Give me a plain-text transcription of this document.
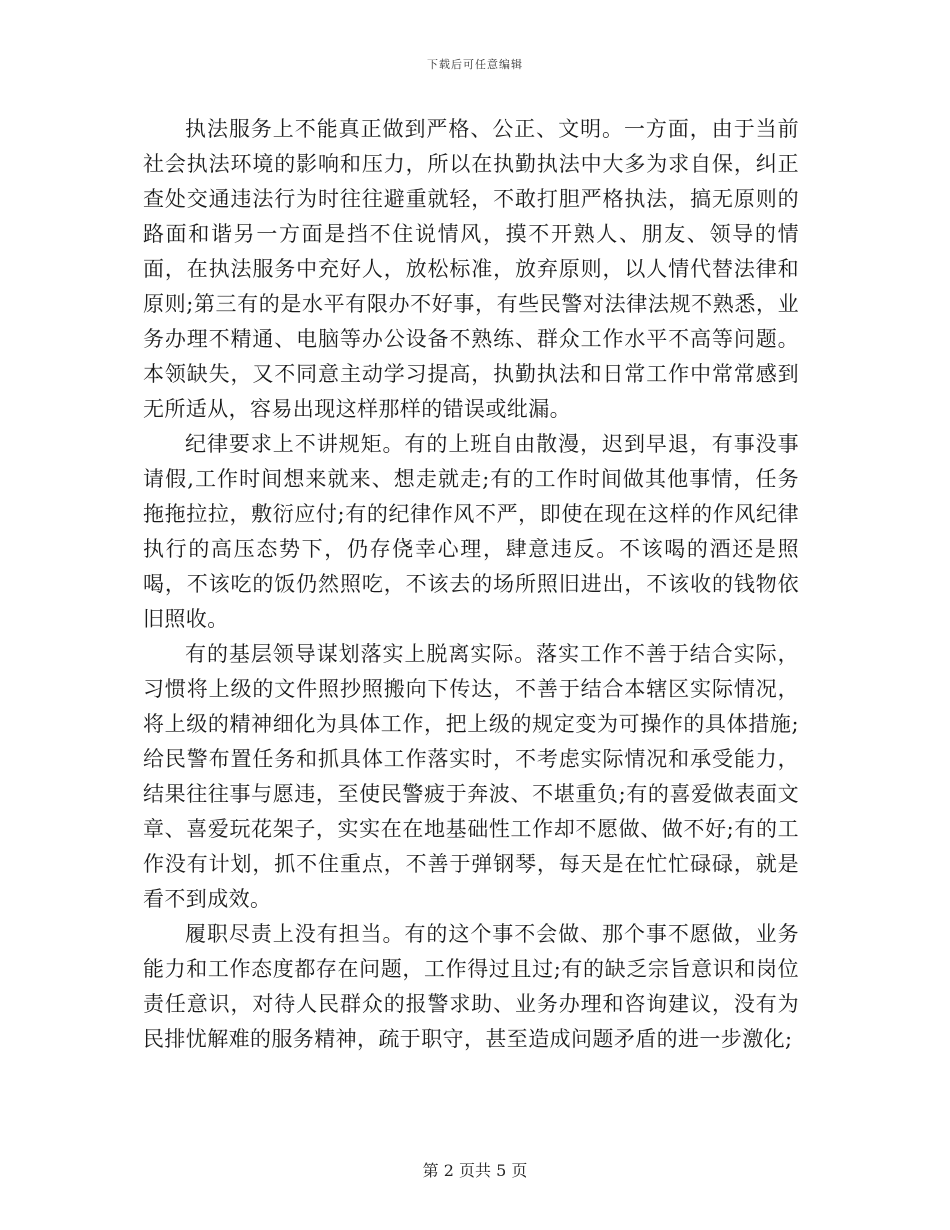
下载后可任意编辑

执法服务上不能真正做到严格、公正、文明。一方面，由于当前社会执法环境的影响和压力，所以在执勤执法中大多为求自保，纠正查处交通违法行为时往往避重就轻，不敢打胆严格执法，搞无原则的路面和谐另一方面是挡不住说情风，摸不开熟人、朋友、领导的情面，在执法服务中充好人，放松标准，放弃原则，以人情代替法律和原则;第三有的是水平有限办不好事，有些民警对法律法规不熟悉，业务办理不精通、电脑等办公设备不熟练、群众工作水平不高等问题。本领缺失，又不同意主动学习提高，执勤执法和日常工作中常常感到无所适从，容易出现这样那样的错误或纰漏。

纪律要求上不讲规矩。有的上班自由散漫，迟到早退，有事没事请假,工作时间想来就来、想走就走;有的工作时间做其他事情，任务拖拖拉拉，敷衍应付;有的纪律作风不严，即使在现在这样的作风纪律执行的高压态势下，仍存侥幸心理，肆意违反。不该喝的酒还是照喝，不该吃的饭仍然照吃，不该去的场所照旧进出，不该收的钱物依旧照收。

有的基层领导谋划落实上脱离实际。落实工作不善于结合实际，习惯将上级的文件照抄照搬向下传达，不善于结合本辖区实际情况，将上级的精神细化为具体工作，把上级的规定变为可操作的具体措施;给民警布置任务和抓具体工作落实时，不考虑实际情况和承受能力，结果往往事与愿违，至使民警疲于奔波、不堪重负;有的喜爱做表面文章、喜爱玩花架子，实实在在地基础性工作却不愿做、做不好;有的工作没有计划，抓不住重点，不善于弹钢琴，每天是在忙忙碌碌，就是看不到成效。

履职尽责上没有担当。有的这个事不会做、那个事不愿做，业务能力和工作态度都存在问题，工作得过且过;有的缺乏宗旨意识和岗位责任意识，对待人民群众的报警求助、业务办理和咨询建议，没有为民排忧解难的服务精神，疏于职守，甚至造成问题矛盾的进一步激化;

第 2 页共 5 页
